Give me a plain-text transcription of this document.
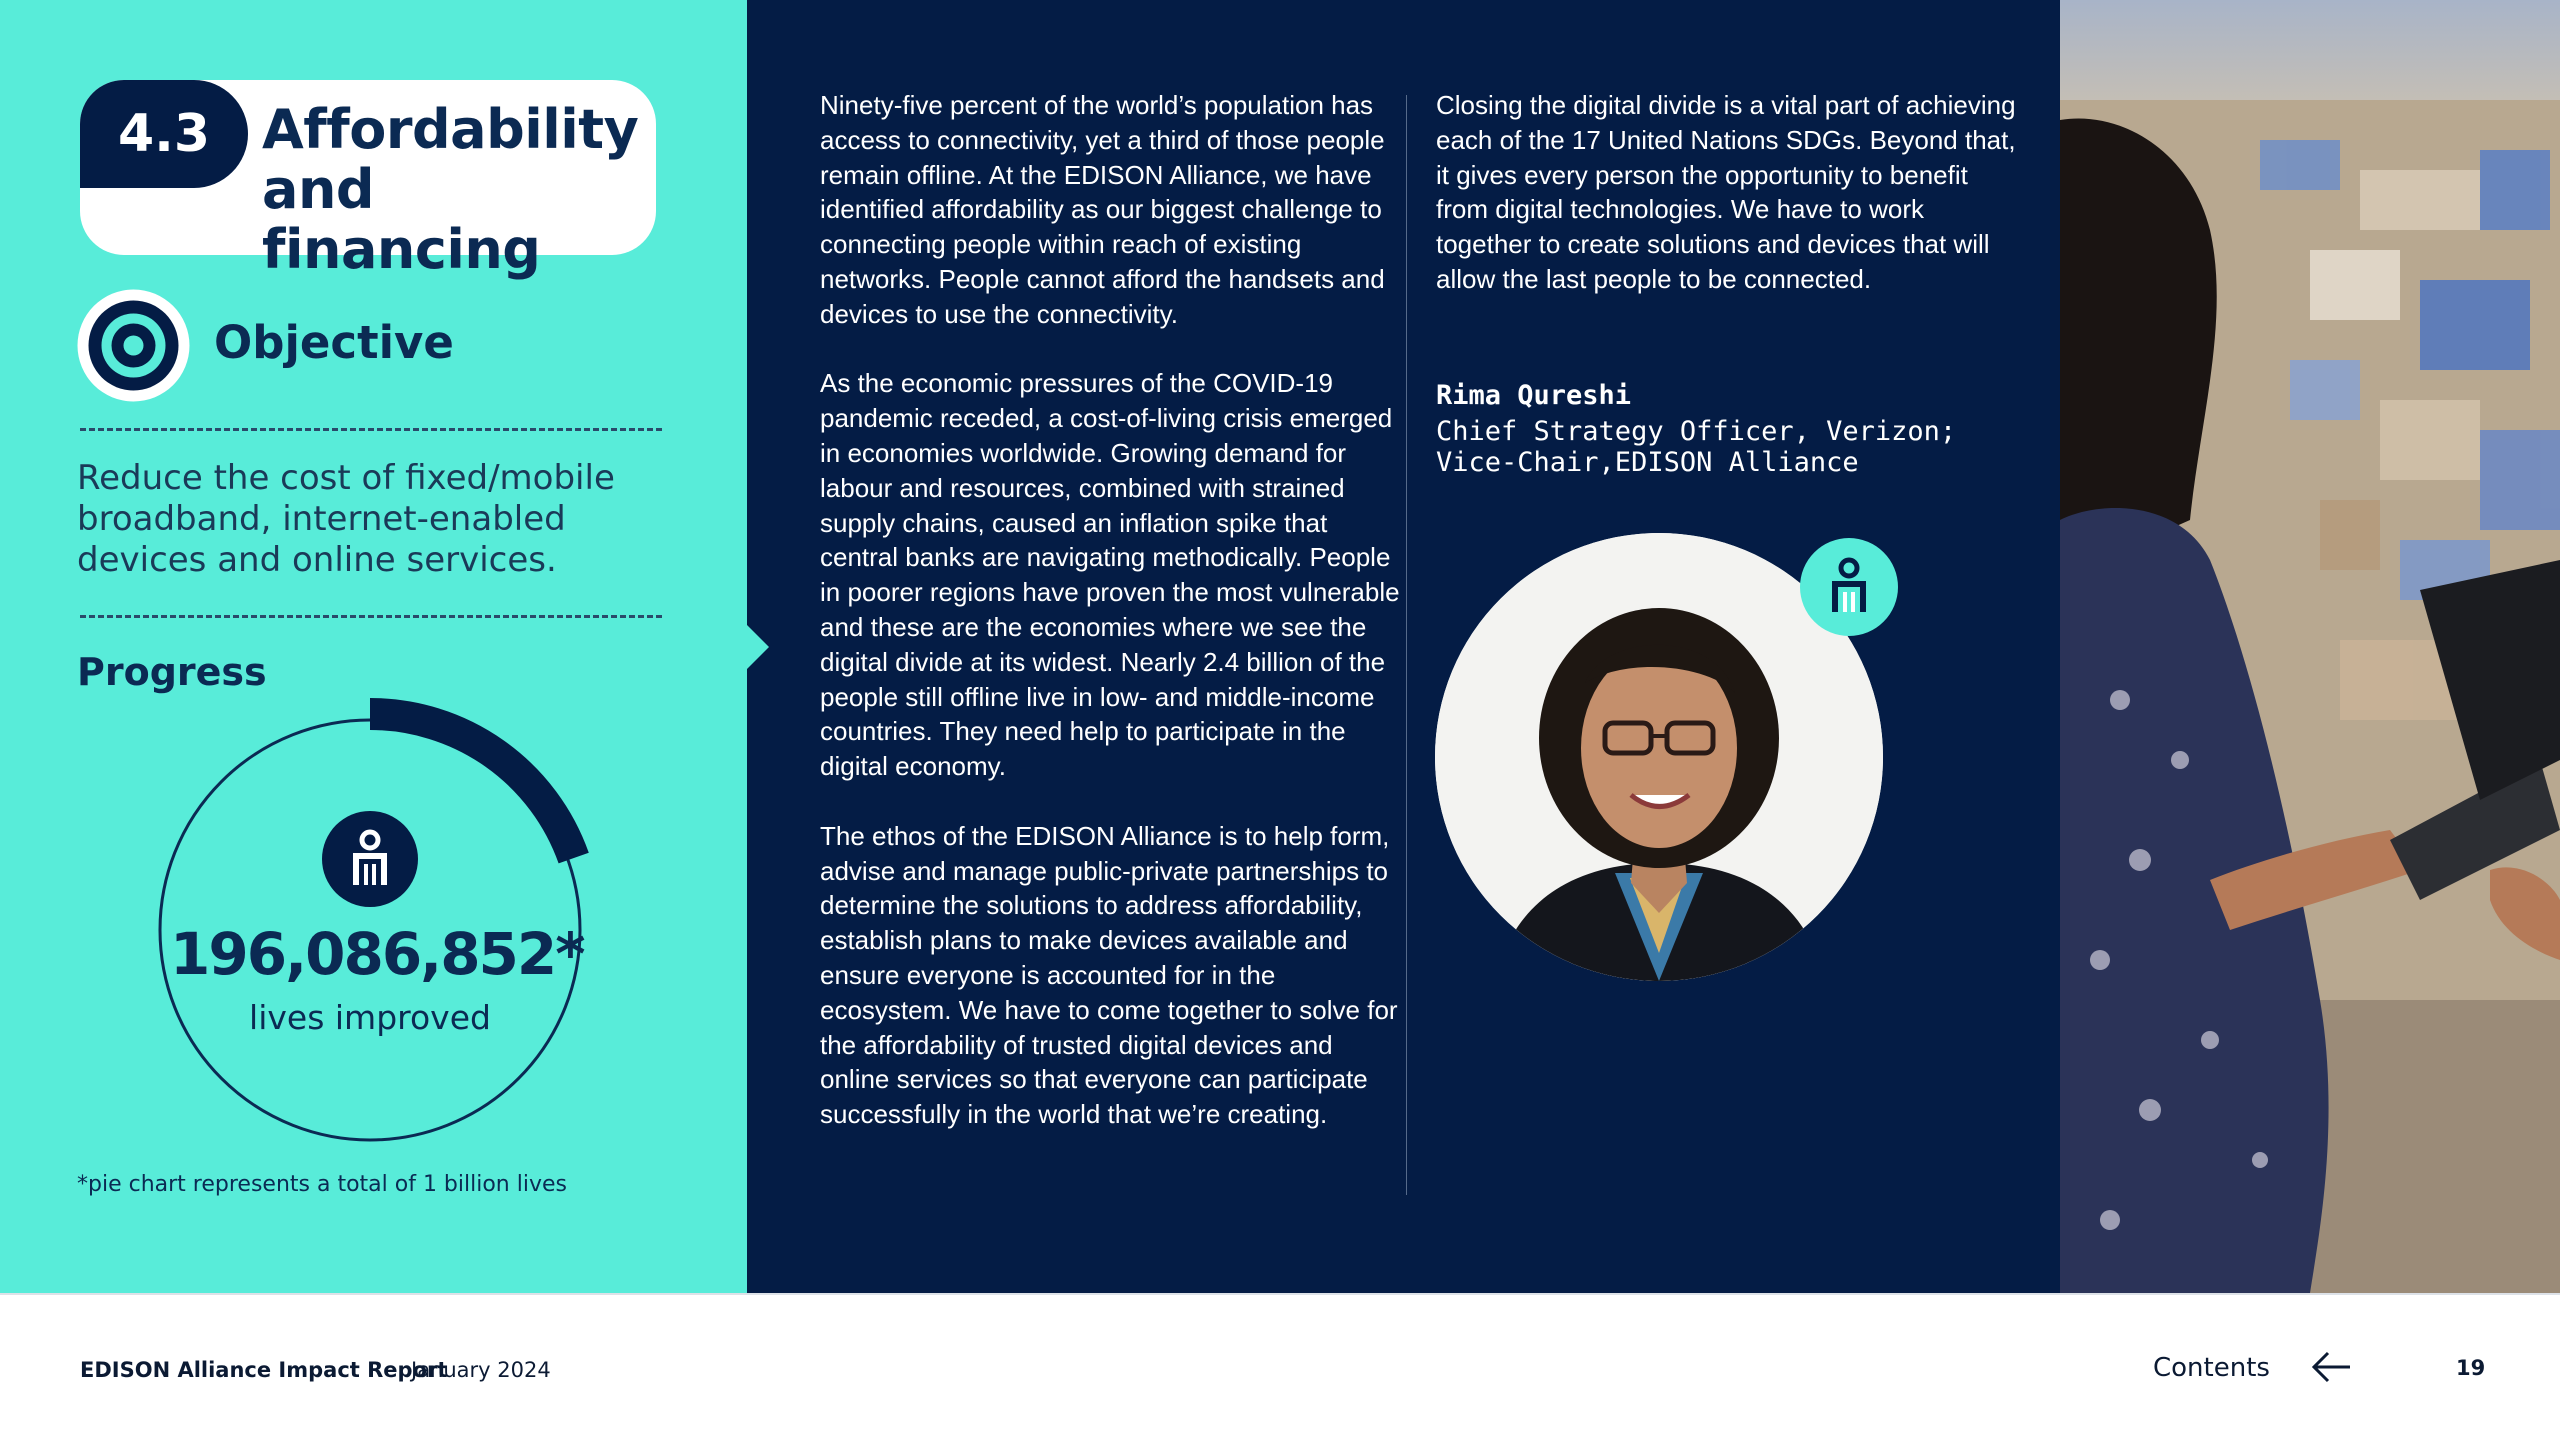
4.3 Affordability
and financing
Objective
Reduce the cost of fixed/mobile broadband, internet-enabled devices and online services.
Progress
196,086,852*
lives improved
*pie chart represents a total of 1 billion lives

Ninety-five percent of the world’s population has access to connectivity, yet a third of those people remain offline. At the EDISON Alliance, we have identified affordability as our biggest challenge to connecting people within reach of existing networks. People cannot afford the handsets and devices to use the connectivity.

As the economic pressures of the COVID-19 pandemic receded, a cost-of-living crisis emerged in economies worldwide. Growing demand for labour and resources, combined with strained supply chains, caused an inflation spike that central banks are navigating methodically. People in poorer regions have proven the most vulnerable and these are the economies where we see the digital divide at its widest. Nearly 2.4 billion of the people still offline live in low- and middle-income countries. They need help to participate in the digital economy.

The ethos of the EDISON Alliance is to help form, advise and manage public-private partnerships to determine the solutions to address affordability, establish plans to make devices available and ensure everyone is accounted for in the ecosystem. We have to come together to solve for the affordability of trusted digital devices and online services so that everyone can participate successfully in the world that we’re creating.

Closing the digital divide is a vital part of achieving each of the 17 United Nations SDGs. Beyond that, it gives every person the opportunity to benefit from digital technologies. We have to work together to create solutions and devices that will allow the last people to be connected.

Rima Qureshi
Chief Strategy Officer, Verizon;
Vice-Chair,EDISON Alliance
EDISON Alliance Impact Report
January 2024	Contents	19
